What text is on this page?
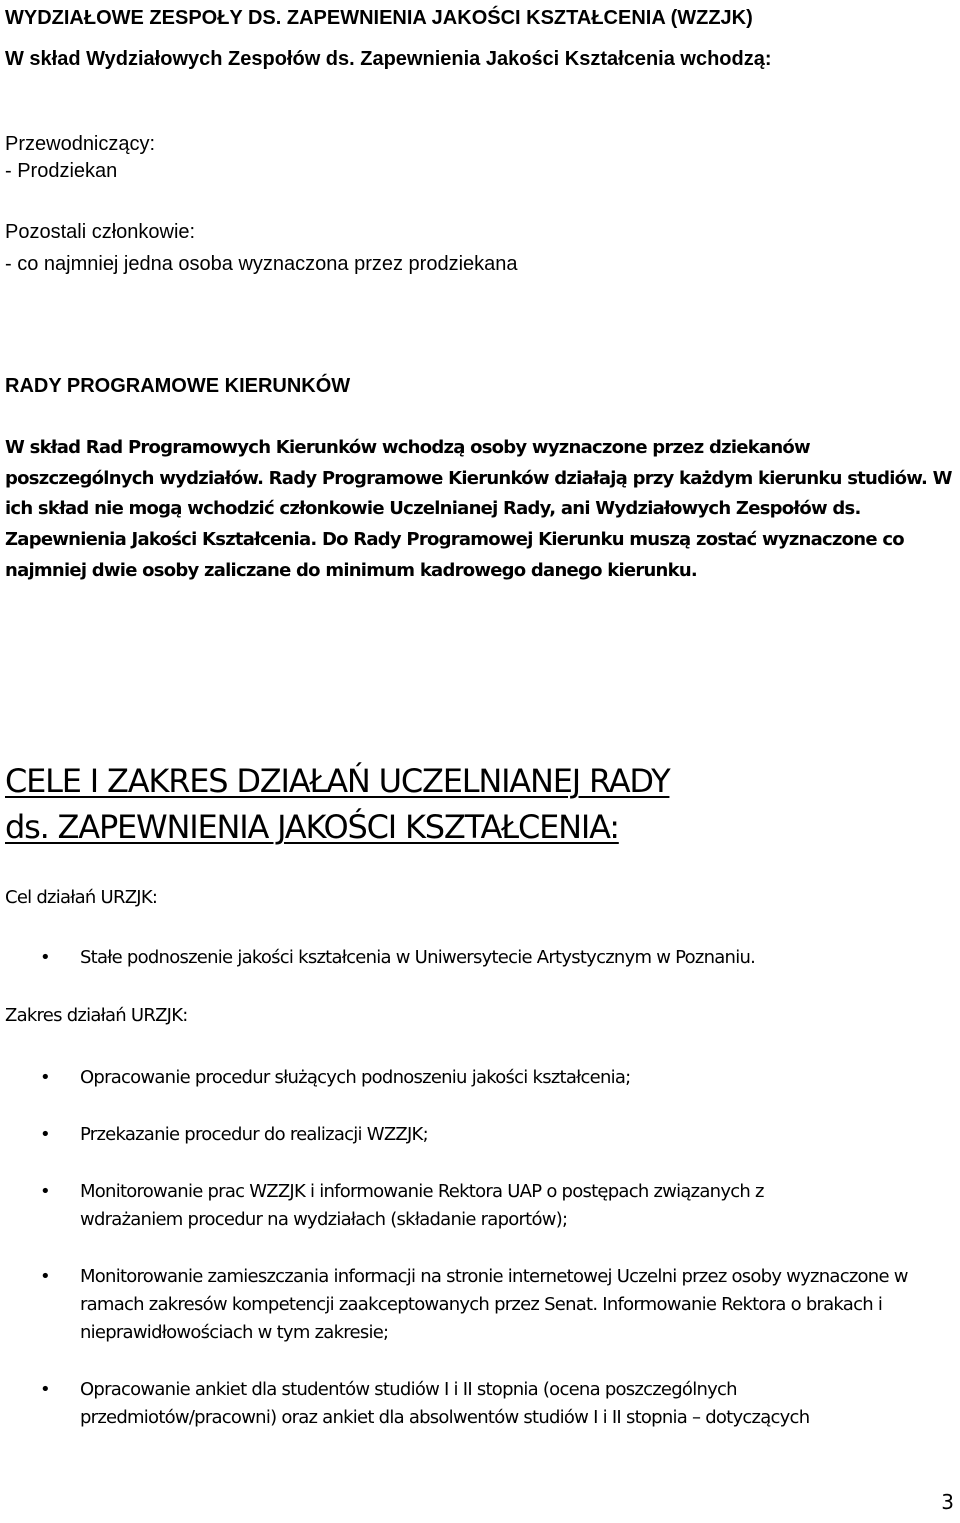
WYDZIAŁOWE ZESPOŁY DS. ZAPEWNIENIA JAKOŚCI KSZTAŁCENIA (WZZJK)

W skład Wydziałowych Zespołów ds. Zapewnienia Jakości Kształcenia wchodzą:

Przewodniczący:

- Prodziekan

Pozostali członkowie:

- co najmniej jedna osoba wyznaczona przez prodziekana

RADY PROGRAMOWE KIERUNKÓW

W skład Rad Programowych Kierunków wchodzą osoby wyznaczone przez dziekanów poszczególnych wydziałów. Rady Programowe Kierunków działają przy każdym kierunku studiów. W ich skład nie mogą wchodzić członkowie Uczelnianej Rady, ani Wydziałowych Zespołów ds. Zapewnienia Jakości Kształcenia. Do Rady Programowej Kierunku muszą zostać wyznaczone co najmniej dwie osoby zaliczane do minimum kadrowego danego kierunku.

CELE I ZAKRES DZIAŁAŃ UCZELNIANEJ RADY

ds. ZAPEWNIENIA JAKOŚCI KSZTAŁCENIA:

Cel działań URZJK:

• Stałe podnoszenie jakości kształcenia w Uniwersytecie Artystycznym w Poznaniu.

Zakres działań URZJK:

• Opracowanie procedur służących podnoszeniu jakości kształcenia;
• Przekazanie procedur do realizacji WZZJK;
• Monitorowanie prac WZZJK i informowanie Rektora UAP o postępach związanych z wdrażaniem procedur na wydziałach (składanie raportów);
• Monitorowanie zamieszczania informacji na stronie internetowej Uczelni przez osoby wyznaczone w ramach zakresów kompetencji zaakceptowanych przez Senat. Informowanie Rektora o brakach i nieprawidłowościach w tym zakresie;
• Opracowanie ankiet dla studentów studiów I i II stopnia (ocena poszczególnych przedmiotów/pracowni) oraz ankiet dla absolwentów studiów I i II stopnia – dotyczących
3
